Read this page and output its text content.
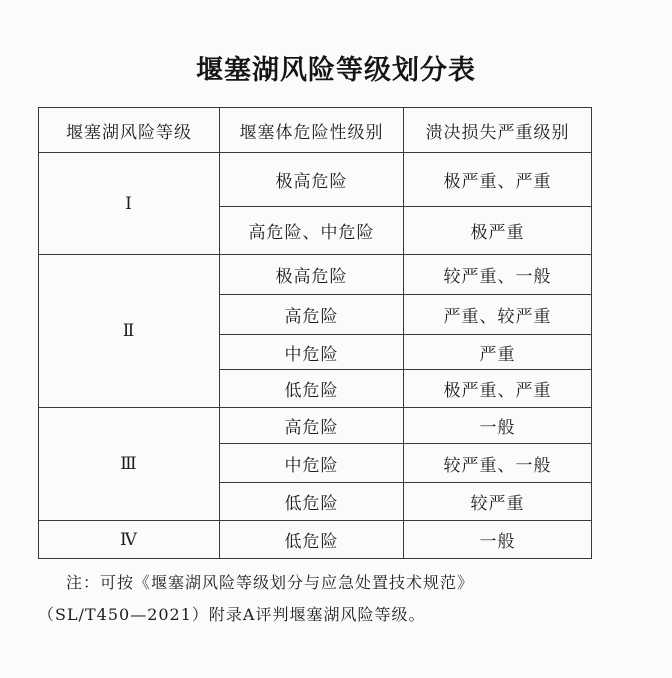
堰塞湖风险等级划分表
堰塞湖风险等级	堰塞体危险性级别	溃决损失严重级别
Ⅰ	极高危险	极严重、严重
	高危险、中危险	极严重
Ⅱ	极高危险	较严重、一般
	高危险	严重、较严重
	中危险	严重
	低危险	极严重、严重
Ⅲ	高危险	一般
	中危险	较严重、一般
	低危险	较严重
Ⅳ	低危险	一般
注：可按《堰塞湖风险等级划分与应急处置技术规范》
（SL/T450—2021）附录A评判堰塞湖风险等级。
